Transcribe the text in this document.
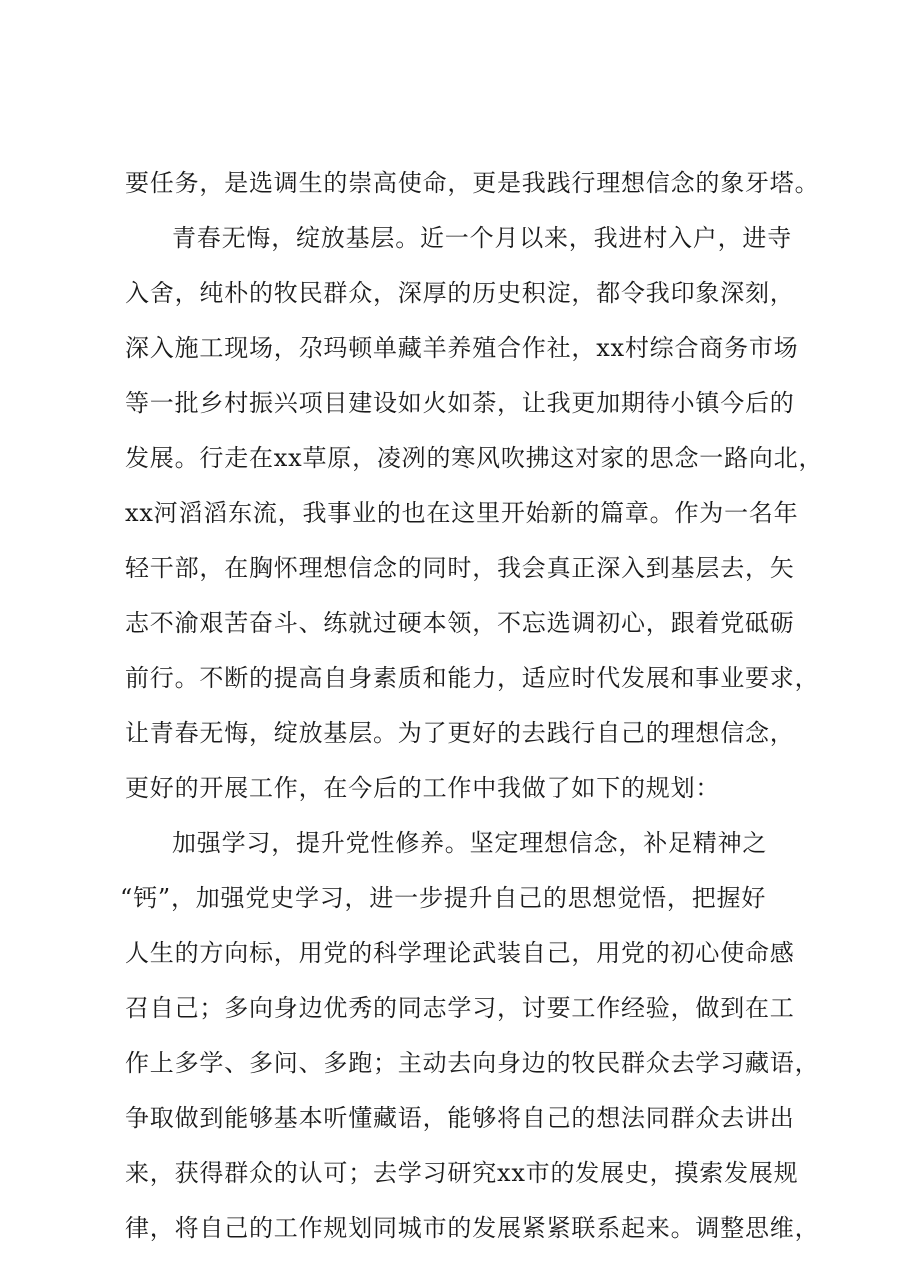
要任务，是选调生的崇高使命，更是我践行理想信念的象牙塔。
青春无悔，绽放基层。近一个月以来，我进村入户，进寺
入舍，纯朴的牧民群众，深厚的历史积淀，都令我印象深刻，
深入施工现场，尕玛顿单藏羊养殖合作社，xx村综合商务市场
等一批乡村振兴项目建设如火如荼，让我更加期待小镇今后的
发展。行走在xx草原，凌冽的寒风吹拂这对家的思念一路向北，
xx河滔滔东流，我事业的也在这里开始新的篇章。作为一名年
轻干部，在胸怀理想信念的同时，我会真正深入到基层去，矢
志不渝艰苦奋斗、练就过硬本领，不忘选调初心，跟着党砥砺
前行。不断的提高自身素质和能力，适应时代发展和事业要求，
让青春无悔，绽放基层。为了更好的去践行自己的理想信念，
更好的开展工作，在今后的工作中我做了如下的规划：
加强学习，提升党性修养。坚定理想信念，补足精神之
“钙”，加强党史学习，进一步提升自己的思想觉悟，把握好
人生的方向标，用党的科学理论武装自己，用党的初心使命感
召自己；多向身边优秀的同志学习，讨要工作经验，做到在工
作上多学、多问、多跑；主动去向身边的牧民群众去学习藏语，
争取做到能够基本听懂藏语，能够将自己的想法同群众去讲出
来，获得群众的认可；去学习研究xx市的发展史，摸索发展规
律，将自己的工作规划同城市的发展紧紧联系起来。调整思维，
